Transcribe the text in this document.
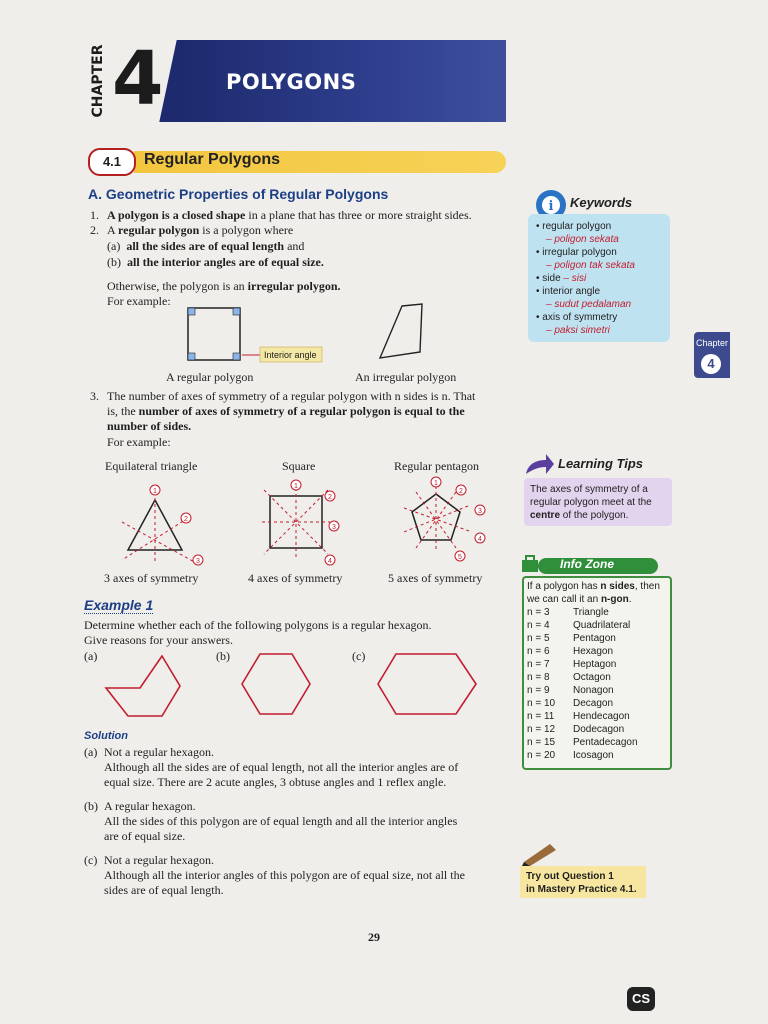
CHAPTER 4	POLYGONS
4.1	Regular Polygons
A. Geometric Properties of Regular Polygons
1. A polygon is a closed shape in a plane that has three or more straight sides.
2. A regular polygon is a polygon where
(a) all the sides are of equal length and
(b) all the interior angles are of equal size.
Otherwise, the polygon is an irregular polygon.
For example:
Interior angle
A regular polygon	An irregular polygon
3. The number of axes of symmetry of a regular polygon with n sides is n. That
is, the number of axes of symmetry of a regular polygon is equal to the
number of sides.
For example:
Equilateral triangle	Square	Regular pentagon
1
2
3
1
2
3
4
1
2
3
4
5
3 axes of symmetry	4 axes of symmetry	5 axes of symmetry
Example 1
Determine whether each of the following polygons is a regular hexagon.
Give reasons for your answers.
(a)	(b)	(c)
Solution
(a) Not a regular hexagon.
Although all the sides are of equal length, not all the interior angles are of
equal size. There are 2 acute angles, 3 obtuse angles and 1 reflex angle.
(b) A regular hexagon.
All the sides of this polygon are of equal length and all the interior angles
are of equal size.
(c) Not a regular hexagon.
Although all the interior angles of this polygon are of equal size, not all the
sides are of equal length.
i Keywords
• regular polygon
– poligon sekata
• irregular polygon
– poligon tak sekata
• side – sisi
• interior angle
– sudut pedalaman
• axis of symmetry
– paksi simetri
Chapter
4
Learning Tips
The axes of symmetry of a regular polygon meet at the centre of the polygon.
Info Zone
If a polygon has n sides, then we can call it an n-gon.
n = 3 Triangle
n = 4 Quadrilateral
n = 5 Pentagon
n = 6 Hexagon
n = 7 Heptagon
n = 8 Octagon
n = 9 Nonagon
n = 10 Decagon
n = 11 Hendecagon
n = 12 Dodecagon
n = 15 Pentadecagon
n = 20 Icosagon
Try out Question 1
in Mastery Practice 4.1.
29
CS
